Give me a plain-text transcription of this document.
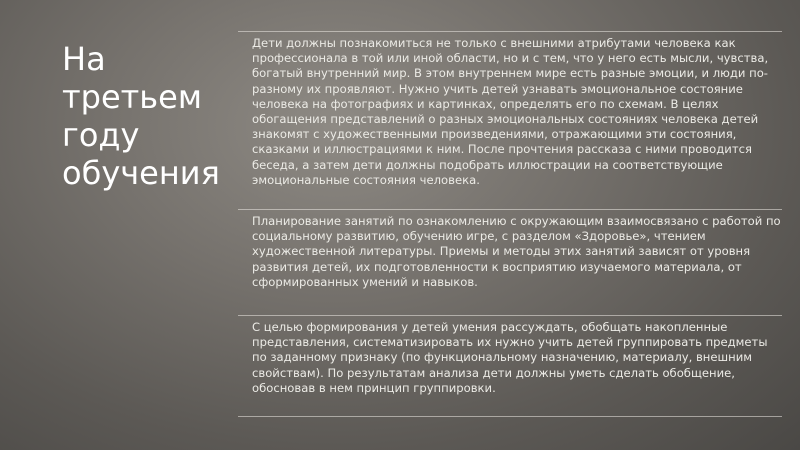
На
третьем
году
обучения

Дети должны познакомиться не только с внешними атрибутами человека как профессионала в той или иной области, но и с тем, что у него есть мысли, чувства, богатый внутренний мир. В этом внутреннем мире есть разные эмоции, и люди по-разному их проявляют. Нужно учить детей узнавать эмоциональное состояние человека на фотографиях и картинках, определять его по схемам. В целях обогащения представлений о разных эмоциональных состояниях человека детей знакомят с художественными произведениями, отражающими эти состояния, сказками и иллюстрациями к ним. После прочтения рассказа с ними проводится беседа, а затем дети должны подобрать иллюстрации на соответствующие эмоциональные состояния человека.

Планирование занятий по ознакомлению с окружающим взаимосвязано с работой по социальному развитию, обучению игре, с разделом «Здоровье», чтением художественной литературы. Приемы и методы этих занятий зависят от уровня развития детей, их подготовленности к восприятию изучаемого материала, от сформированных умений и навыков.

С целью формирования у детей умения рассуждать, обобщать накопленные представления, систематизировать их нужно учить детей группировать предметы по заданному признаку (по функциональному назначению, материалу, внешним свойствам). По результатам анализа дети должны уметь сделать обобщение, обосновав в нем принцип группировки.
